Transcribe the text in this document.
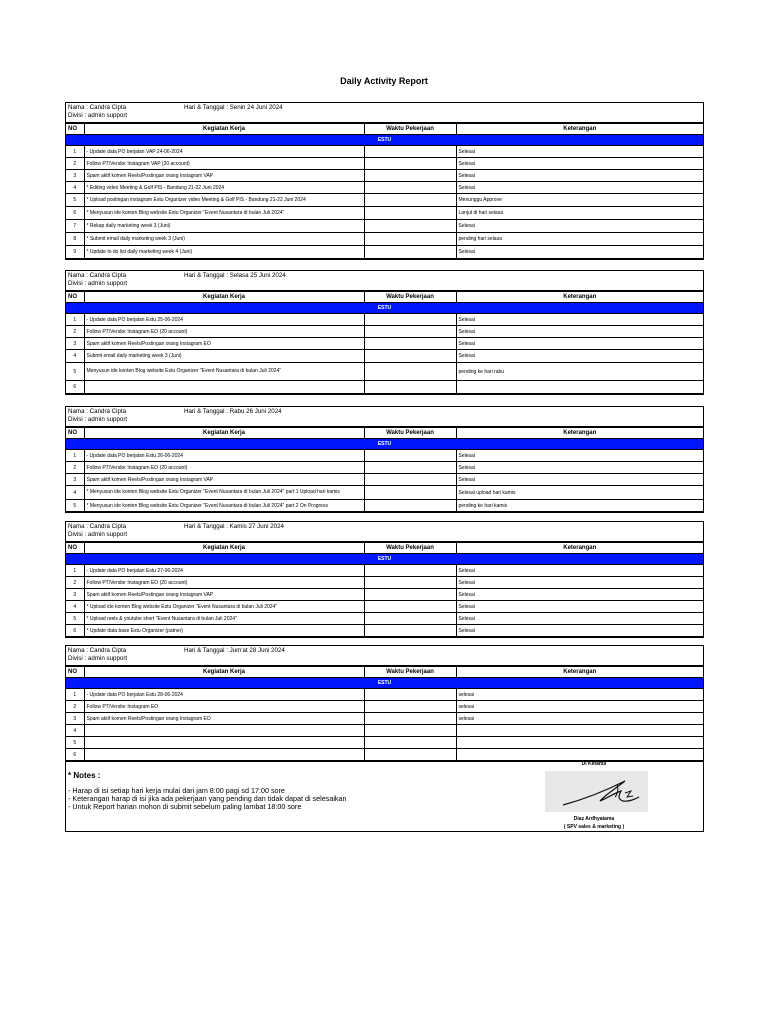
Daily Activity Report
Nama : Candra Cipta	Hari & Tanggal : Senin 24 Juni 2024
Divisi : admin support
NO	Kegiatan Kerja	Waktu Pekerjaan	Keterangan
ESTU			
1	- Update data PO berjalan VAP 24-06-2024		Selesai
2	Follow PT/Vendor Instagram VAP (20 account)		Selesai
3	Spam aktif komen Reels/Postingan orang Instagram VAP		Selesai
4	* Editing video Meeting & Golf PIS - Bandung 21-22 Juni 2024		Selesai
5	* Upload postingan instagram Estu Organizer video Meeting & Golf PIS - Bandung 21-22 Juni 2024		Menunggu Approve
6	* Menyusun ide konten Blog website Estu Organizer "Event Nusantara di bulan Juli 2024"		Lanjut di hari selasa
7	* Rekap daily marketing week 3 (Juni)		Selesai
8	* Submit email daily marketing week 3 (Juni)		pending hari selasa
9	* Update to do list daily marketing week 4 (Juni)		Selesai
Nama : Candra Cipta	Hari & Tanggal : Selasa 25 Juni 2024
Divisi : admin support
NO	Kegiatan Kerja	Waktu Pekerjaan	Keterangan
ESTU			
1	- Update data PO berjalan Estu 25-06-2024		Selesai
2	Follow PT/Vendor Instagram EO (20 account)		Selesai
3	Spam aktif komen Reels/Postingan orang Instagram EO		Selesai
4	Submit email daily marketing week 3 (Juni)		Selesai
5	Menyusun ide konten Blog website Estu Organizer "Event Nusantara di bulan Juli 2024"		pending ke hari rabu
6			
Nama : Candra Cipta	Hari & Tanggal : Rabu 26 Juni 2024
Divisi : admin support
NO	Kegiatan Kerja	Waktu Pekerjaan	Keterangan
ESTU			
1	- Update data PO berjalan Estu 26-06-2024		Selesai
2	Follow PT/Vendor Instagram EO (20 account)		Selesai
3	Spam aktif komen Reels/Postingan orang Instagram VAP		Selesai
4	* Menyusun ide konten Blog website Estu Organizer "Event Nusantara di bulan Juli 2024" part 1 Upload hari kamis		Selesai upload hari kamis
5	* Menyusun ide konten Blog website Estu Organizer "Event Nusantara di bulan Juli 2024" part 2 On Progress		pending ke hari kamis
Nama : Candra Cipta	Hari & Tanggal : Kamis 27 Juni 2024
Divisi : admin support
NO	Kegiatan Kerja	Waktu Pekerjaan	Keterangan
ESTU			
1	- Update data PO berjalan Estu 27-06-2024		Selesai
2	Follow PT/Vendor Instagram EO (20 account)		Selesai
3	Spam aktif komen Reels/Postingan orang Instagram VAP		Selesai
4	* Upload ide konten Blog website Estu Organizer "Event Nusantara di bulan Juli 2024"		Selesai
5	* Upload reels & youtube short "Event Nusantara di bulan Juli 2024"		Selesai
6	* Update data base Estu Organizer (patner)		Selesai
Nama : Candra Cipta	Hari & Tanggal : Jum'at 28 Juni 2024
Divisi : admin support
NO	Kegiatan Kerja	Waktu Pekerjaan	Keterangan
ESTU			
1	- Update data PO berjalan Estu 28-06-2024		selesai
2	Follow PT/Vendor Instagram EO		selesai
3	Spam aktif komen Reels/Postingan orang Instagram EO		selesai
4			
5			
6			
* Notes :
- Harap di isi setiap hari kerja mulai dari jam 8:00 pagi sd 17:00 sore
- Keterangan harap di isi jika ada pekerjaan yang pending dan tidak dapat di selesaikan
- Untuk Report harian mohon di submit sebelum paling lambat 18:00 sore
Di Ketahui
Diaz Ardhyatama
( SPV sales & marketing )
